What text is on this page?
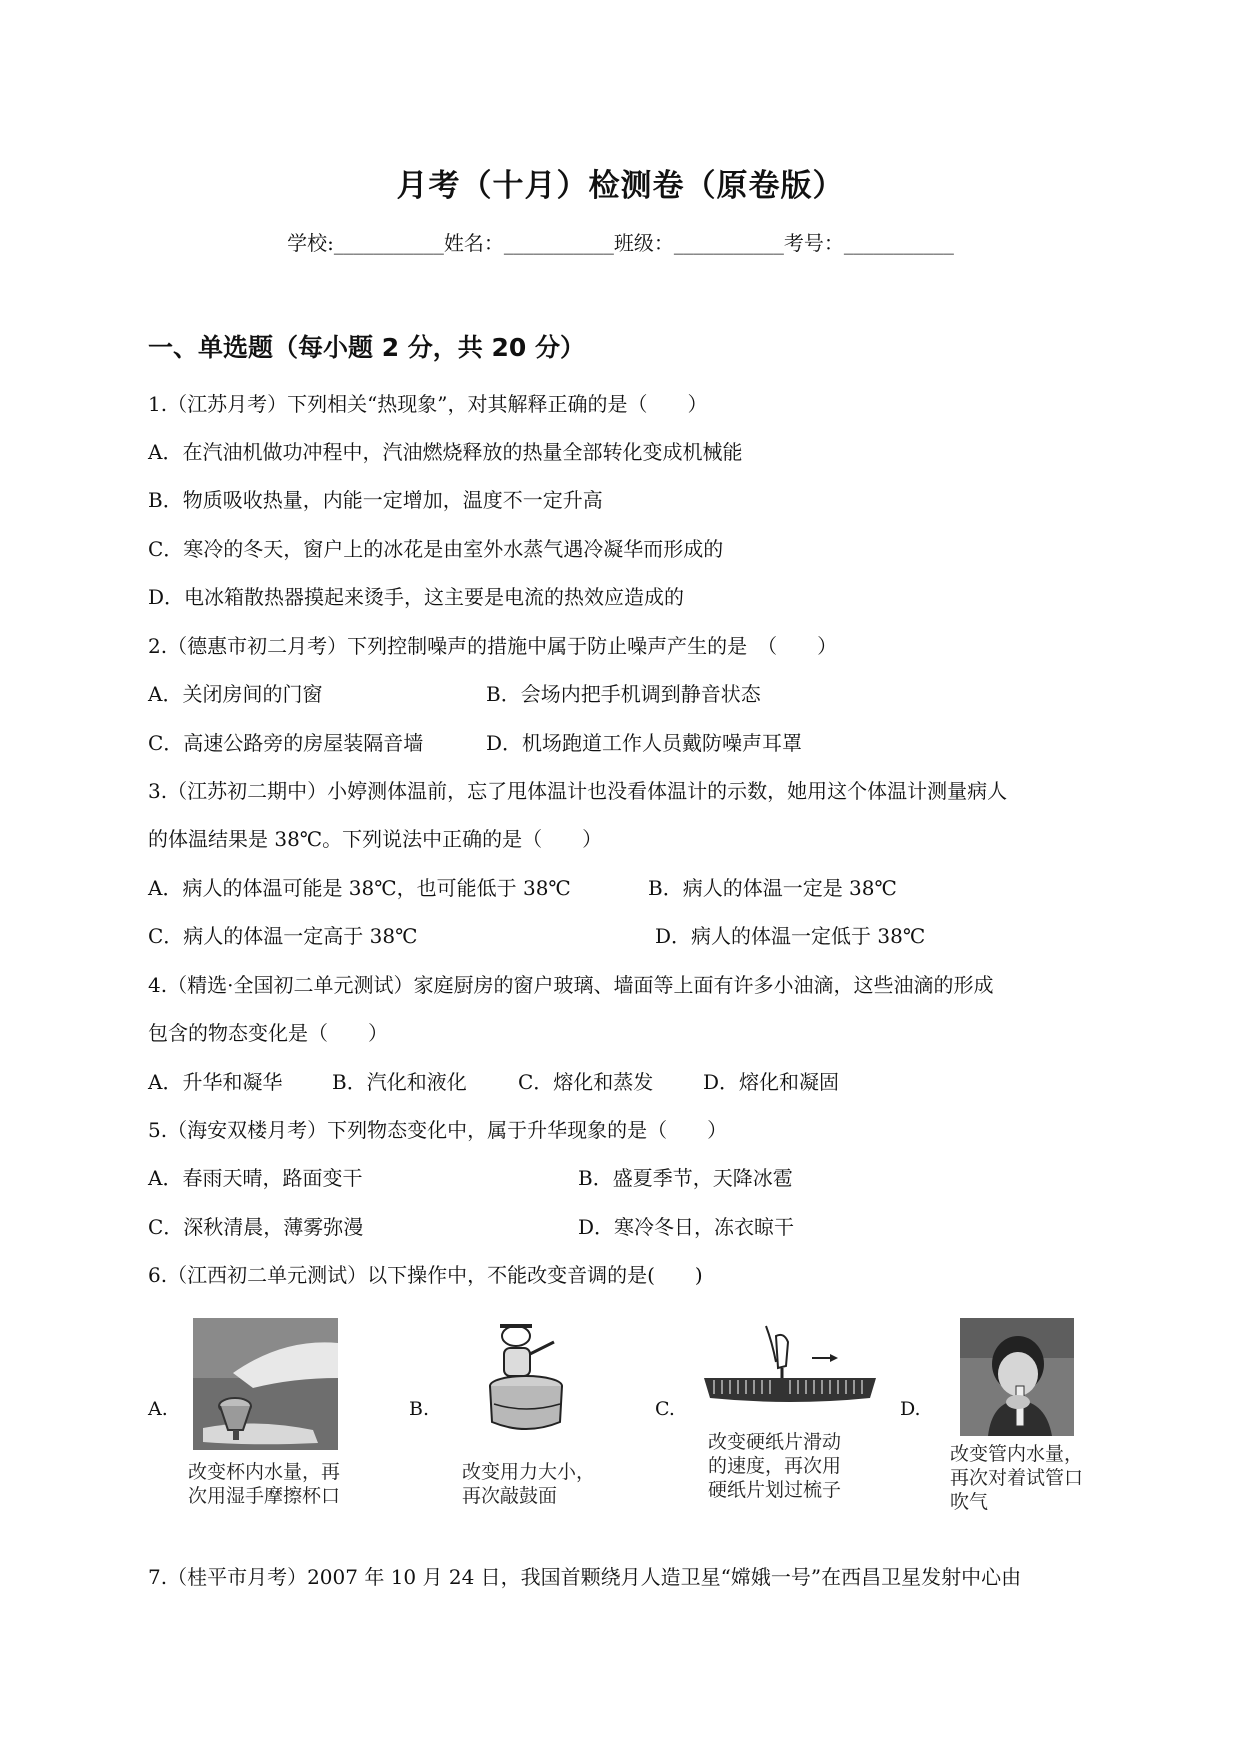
月考（十月）检测卷（原卷版）
学校:___________姓名：___________班级：___________考号：___________
一、单选题（每小题 2 分，共 20 分）
1.（江苏月考）下列相关“热现象”，对其解释正确的是（　　）
A．在汽油机做功冲程中，汽油燃烧释放的热量全部转化变成机械能
B．物质吸收热量，内能一定增加，温度不一定升高
C．寒冷的冬天，窗户上的冰花是由室外水蒸气遇冷凝华而形成的
D．电冰箱散热器摸起来烫手，这主要是电流的热效应造成的
2.（德惠市初二月考）下列控制噪声的措施中属于防止噪声产生的是　（　　）
A．关闭房间的门窗	B．会场内把手机调到静音状态
C．高速公路旁的房屋装隔音墙	D．机场跑道工作人员戴防噪声耳罩
3.（江苏初二期中）小婷测体温前，忘了甩体温计也没看体温计的示数，她用这个体温计测量病人
的体温结果是 38℃。下列说法中正确的是（　　）
A．病人的体温可能是 38℃，也可能低于 38℃	B．病人的体温一定是 38℃
C．病人的体温一定高于 38℃	D．病人的体温一定低于 38℃
4.（精选·全国初二单元测试）家庭厨房的窗户玻璃、墙面等上面有许多小油滴，这些油滴的形成
包含的物态变化是（　　）
A．升华和凝华 B．汽化和液化	C．熔化和蒸发 D．熔化和凝固
5.（海安双楼月考）下列物态变化中，属于升华现象的是（　　）
A．春雨天晴，路面变干	B．盛夏季节，天降冰雹
C．深秋清晨，薄雾弥漫	D．寒冷冬日，冻衣晾干
6.（江西初二单元测试）以下操作中，不能改变音调的是(　　)
A.	B.	C.	D.
改变杯内水量，再
次用湿手摩擦杯口
改变用力大小，
再次敲鼓面
改变硬纸片滑动
的速度，再次用
硬纸片划过梳子
改变管内水量，
再次对着试管口
吹气
7.（桂平市月考）2007 年 10 月 24 日，我国首颗绕月人造卫星“嫦娥一号”在西昌卫星发射中心由
